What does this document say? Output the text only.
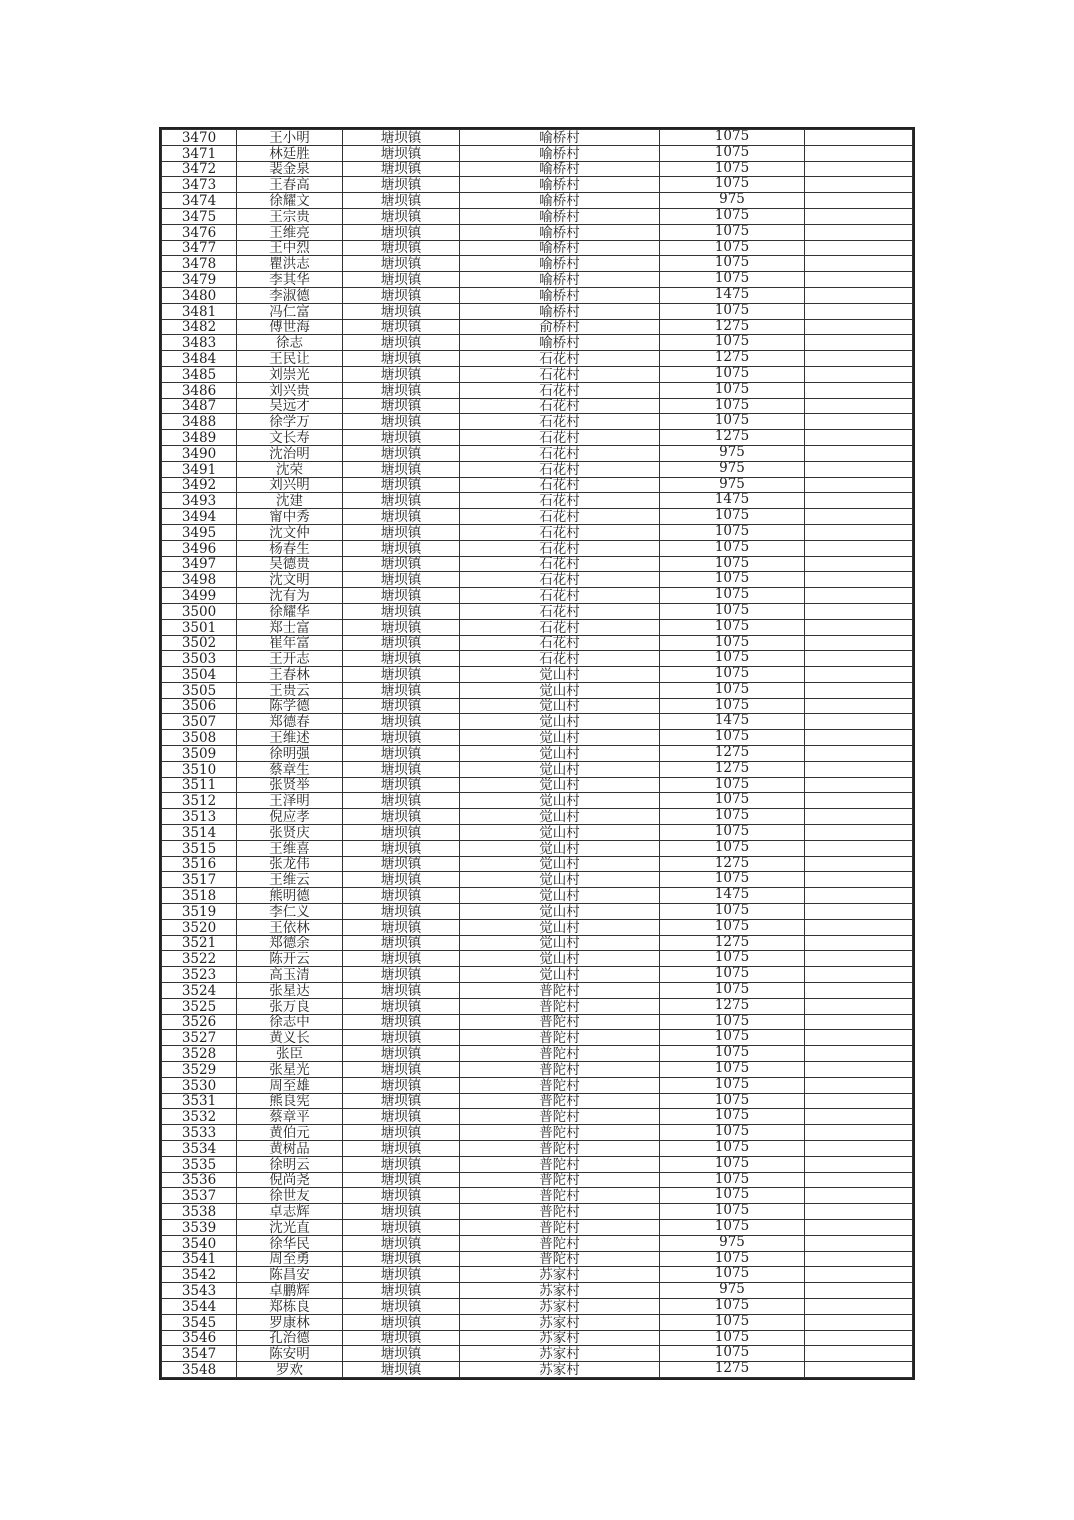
3470	王小明	塘坝镇	喻桥村	1075	
3471	林廷胜	塘坝镇	喻桥村	1075	
3472	裴金泉	塘坝镇	喻桥村	1075	
3473	王春高	塘坝镇	喻桥村	1075	
3474	徐耀文	塘坝镇	喻桥村	975	
3475	王宗贵	塘坝镇	喻桥村	1075	
3476	王维亮	塘坝镇	喻桥村	1075	
3477	王中烈	塘坝镇	喻桥村	1075	
3478	瞿洪志	塘坝镇	喻桥村	1075	
3479	李其华	塘坝镇	喻桥村	1075	
3480	李淑德	塘坝镇	喻桥村	1475	
3481	冯仁富	塘坝镇	喻桥村	1075	
3482	傅世海	塘坝镇	俞桥村	1275	
3483	徐志	塘坝镇	喻桥村	1075	
3484	王民让	塘坝镇	石花村	1275	
3485	刘崇光	塘坝镇	石花村	1075	
3486	刘兴贵	塘坝镇	石花村	1075	
3487	吴远才	塘坝镇	石花村	1075	
3488	徐学万	塘坝镇	石花村	1075	
3489	文长寿	塘坝镇	石花村	1275	
3490	沈治明	塘坝镇	石花村	975	
3491	沈荣	塘坝镇	石花村	975	
3492	刘兴明	塘坝镇	石花村	975	
3493	沈建	塘坝镇	石花村	1475	
3494	甯中秀	塘坝镇	石花村	1075	
3495	沈文仲	塘坝镇	石花村	1075	
3496	杨春生	塘坝镇	石花村	1075	
3497	吴德贵	塘坝镇	石花村	1075	
3498	沈文明	塘坝镇	石花村	1075	
3499	沈有为	塘坝镇	石花村	1075	
3500	徐耀华	塘坝镇	石花村	1075	
3501	郑士富	塘坝镇	石花村	1075	
3502	崔年富	塘坝镇	石花村	1075	
3503	王开志	塘坝镇	石花村	1075	
3504	王春林	塘坝镇	觉山村	1075	
3505	王贵云	塘坝镇	觉山村	1075	
3506	陈学德	塘坝镇	觉山村	1075	
3507	郑德春	塘坝镇	觉山村	1475	
3508	王维述	塘坝镇	觉山村	1075	
3509	徐明强	塘坝镇	觉山村	1275	
3510	蔡章生	塘坝镇	觉山村	1275	
3511	张贤举	塘坝镇	觉山村	1075	
3512	王泽明	塘坝镇	觉山村	1075	
3513	倪应孝	塘坝镇	觉山村	1075	
3514	张贤庆	塘坝镇	觉山村	1075	
3515	王维喜	塘坝镇	觉山村	1075	
3516	张龙伟	塘坝镇	觉山村	1275	
3517	王维云	塘坝镇	觉山村	1075	
3518	熊明德	塘坝镇	觉山村	1475	
3519	李仁义	塘坝镇	觉山村	1075	
3520	王依林	塘坝镇	觉山村	1075	
3521	郑德余	塘坝镇	觉山村	1275	
3522	陈开云	塘坝镇	觉山村	1075	
3523	高玉清	塘坝镇	觉山村	1075	
3524	张星达	塘坝镇	普陀村	1075	
3525	张万良	塘坝镇	普陀村	1275	
3526	徐志中	塘坝镇	普陀村	1075	
3527	黄义长	塘坝镇	普陀村	1075	
3528	张臣	塘坝镇	普陀村	1075	
3529	张星光	塘坝镇	普陀村	1075	
3530	周至雄	塘坝镇	普陀村	1075	
3531	熊良宪	塘坝镇	普陀村	1075	
3532	蔡章平	塘坝镇	普陀村	1075	
3533	黄伯元	塘坝镇	普陀村	1075	
3534	黄树品	塘坝镇	普陀村	1075	
3535	徐明云	塘坝镇	普陀村	1075	
3536	倪尚尧	塘坝镇	普陀村	1075	
3537	徐世友	塘坝镇	普陀村	1075	
3538	卓志辉	塘坝镇	普陀村	1075	
3539	沈光直	塘坝镇	普陀村	1075	
3540	徐华民	塘坝镇	普陀村	975	
3541	周至勇	塘坝镇	普陀村	1075	
3542	陈昌安	塘坝镇	苏家村	1075	
3543	卓鹏辉	塘坝镇	苏家村	975	
3544	郑栋良	塘坝镇	苏家村	1075	
3545	罗康林	塘坝镇	苏家村	1075	
3546	孔治德	塘坝镇	苏家村	1075	
3547	陈安明	塘坝镇	苏家村	1075	
3548	罗欢	塘坝镇	苏家村	1275	
